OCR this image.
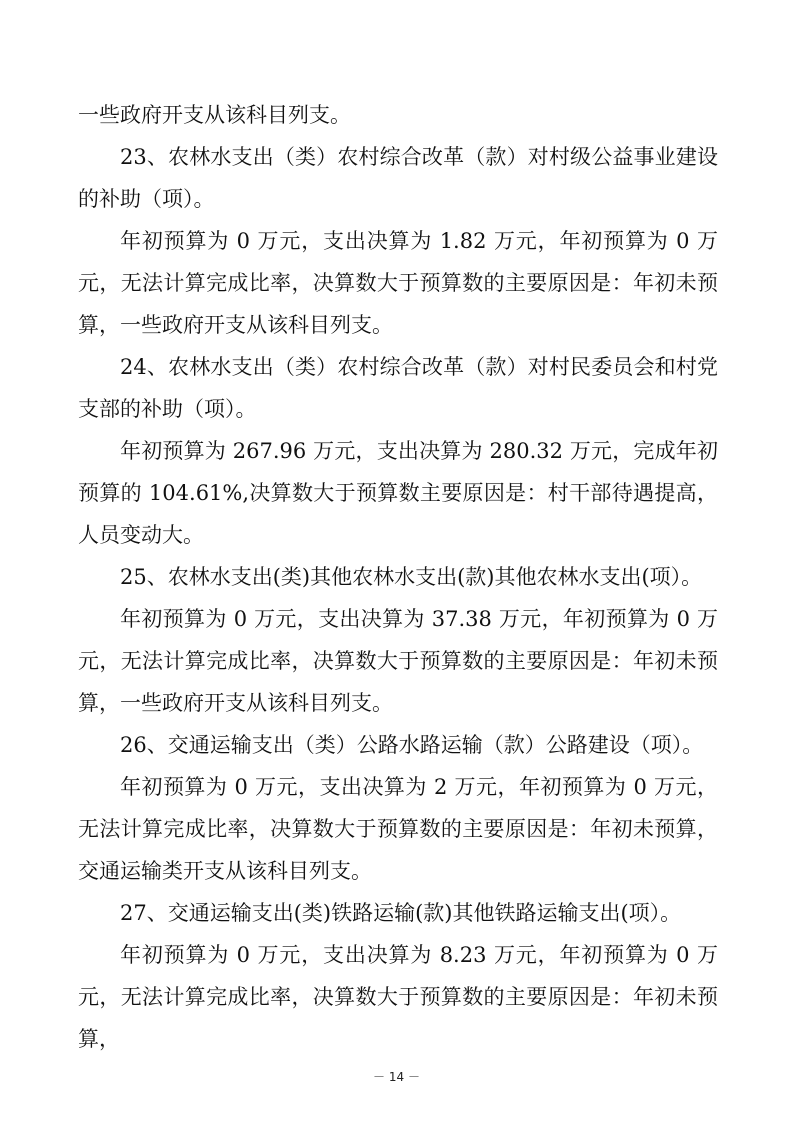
一些政府开支从该科目列支。

23、农林水支出（类）农村综合改革（款）对村级公益事业建设的补助（项）。

年初预算为 0 万元，支出决算为 1.82 万元，年初预算为 0 万元，无法计算完成比率，决算数大于预算数的主要原因是：年初未预算，一些政府开支从该科目列支。

24、农林水支出（类）农村综合改革（款）对村民委员会和村党支部的补助（项）。

年初预算为 267.96 万元，支出决算为 280.32 万元，完成年初预算的 104.61%,决算数大于预算数主要原因是：村干部待遇提高，人员变动大。

25、农林水支出(类)其他农林水支出(款)其他农林水支出(项）。

年初预算为 0 万元，支出决算为 37.38 万元，年初预算为 0 万元，无法计算完成比率，决算数大于预算数的主要原因是：年初未预算，一些政府开支从该科目列支。

26、交通运输支出（类）公路水路运输（款）公路建设（项）。

年初预算为 0 万元，支出决算为 2 万元，年初预算为 0 万元，无法计算完成比率，决算数大于预算数的主要原因是：年初未预算，交通运输类开支从该科目列支。

27、交通运输支出(类)铁路运输(款)其他铁路运输支出(项）。

年初预算为 0 万元，支出决算为 8.23 万元，年初预算为 0 万元，无法计算完成比率，决算数大于预算数的主要原因是：年初未预算，

－ 14 －
